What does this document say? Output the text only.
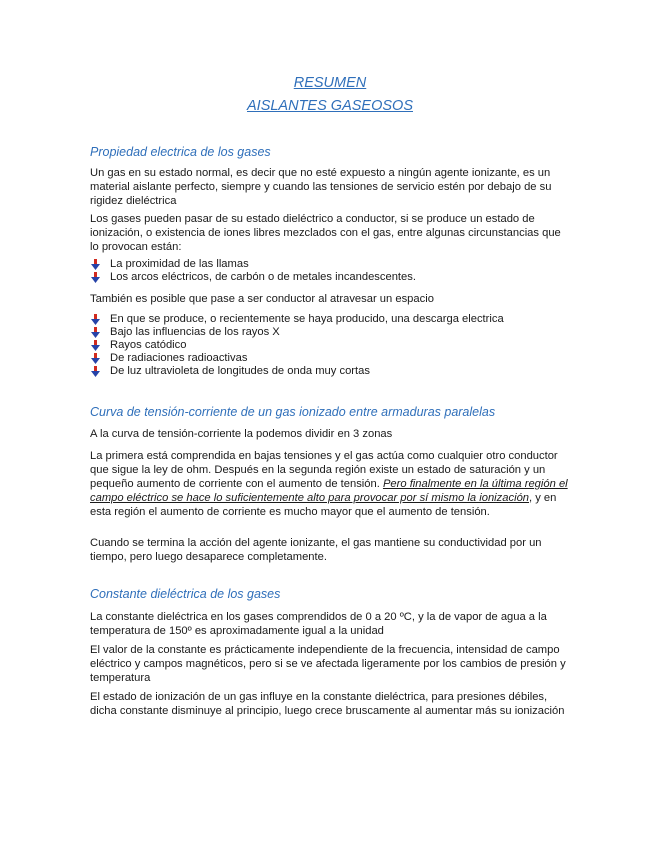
RESUMEN

AISLANTES GASEOSOS

Propiedad electrica de los gases

Un gas en su estado normal, es decir que no esté expuesto a ningún agente ionizante, es un material aislante perfecto, siempre y cuando las tensiones de servicio estén por debajo de su rigidez dieléctrica

Los gases pueden pasar de su estado dieléctrico a conductor, si se produce un estado de ionización, o existencia de iones libres mezclados con el gas, entre algunas circunstancias que lo provocan están:

La proximidad de las llamas
Los arcos eléctricos, de carbón o de metales incandescentes.

También es posible que pase a ser conductor al atravesar un espacio

En que se produce, o recientemente se haya producido, una descarga electrica
Bajo las influencias de los rayos X
Rayos catódico
De radiaciones radioactivas
De luz ultravioleta de longitudes de onda muy cortas

Curva de tensión-corriente de un gas ionizado entre armaduras paralelas

A la curva de tensión-corriente la podemos dividir en 3 zonas

La primera está comprendida en bajas tensiones y el gas actúa como cualquier otro conductor que sigue la ley de ohm. Después en la segunda región existe un estado de saturación y un pequeño aumento de corriente con el aumento de tensión. Pero finalmente en la última región el campo eléctrico se hace lo suficientemente alto para provocar por sí mismo la ionización, y en esta región el aumento de corriente es mucho mayor que el aumento de tensión.

Cuando se termina la acción del agente ionizante, el gas mantiene su conductividad por un tiempo, pero luego desaparece completamente.

Constante dieléctrica de los gases

La constante dieléctrica en los gases comprendidos de 0 a 20 ºC, y la de vapor de agua a la temperatura de 150º es aproximadamente igual a la unidad

El valor de la constante es prácticamente independiente de la frecuencia, intensidad de campo eléctrico y campos magnéticos, pero si se ve afectada ligeramente por los cambios de presión y temperatura

El estado de ionización de un gas influye en la constante dieléctrica, para presiones débiles, dicha constante disminuye al principio, luego crece bruscamente al aumentar más su ionización
